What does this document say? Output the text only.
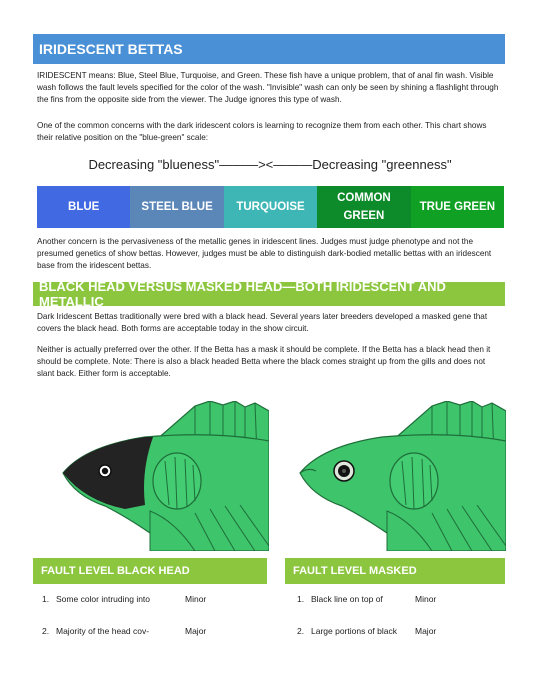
IRIDESCENT BETTAS

IRIDESCENT means: Blue, Steel Blue, Turquoise, and Green. These fish have a unique problem, that of anal fin wash. Visible wash follows the fault levels specified for the color of the wash. "Invisible" wash can only be seen by shining a flashlight through the fins from the opposite side from the viewer. The Judge ignores this type of wash.

One of the common concerns with the dark iridescent colors is learning to recognize them from each other. This chart shows their relative position on the "blue-green" scale:

Decreasing "blueness"———><———Decreasing "greenness"
BLUE	STEEL BLUE TURQUOISE
COMMON
GREEN
TRUE GREEN

Another concern is the pervasiveness of the metallic genes in iridescent lines. Judges must judge phenotype and not the presumed genetics of show bettas. However, judges must be able to distinguish dark-bodied metallic bettas with an iridescent base from the iridescent bettas.

BLACK HEAD VERSUS MASKED HEAD—BOTH IRIDESCENT AND METALLIC

Dark Iridescent Bettas traditionally were bred with a black head. Several years later breeders developed a masked gene that covers the black head. Both forms are acceptable today in the show circuit.

Neither is actually preferred over the other. If the Betta has a mask it should be complete. If the Betta has a black head then it should be complete. Note: There is also a black headed Betta where the black comes straight up from the gills and does not slant back. Either form is acceptable.

FAULT LEVEL BLACK HEAD	FAULT LEVEL MASKED
1. Some color intruding into	Minor
2. Majority of the head cov-	Major
1. Black line on top of	Minor
2. Large portions of black Major
